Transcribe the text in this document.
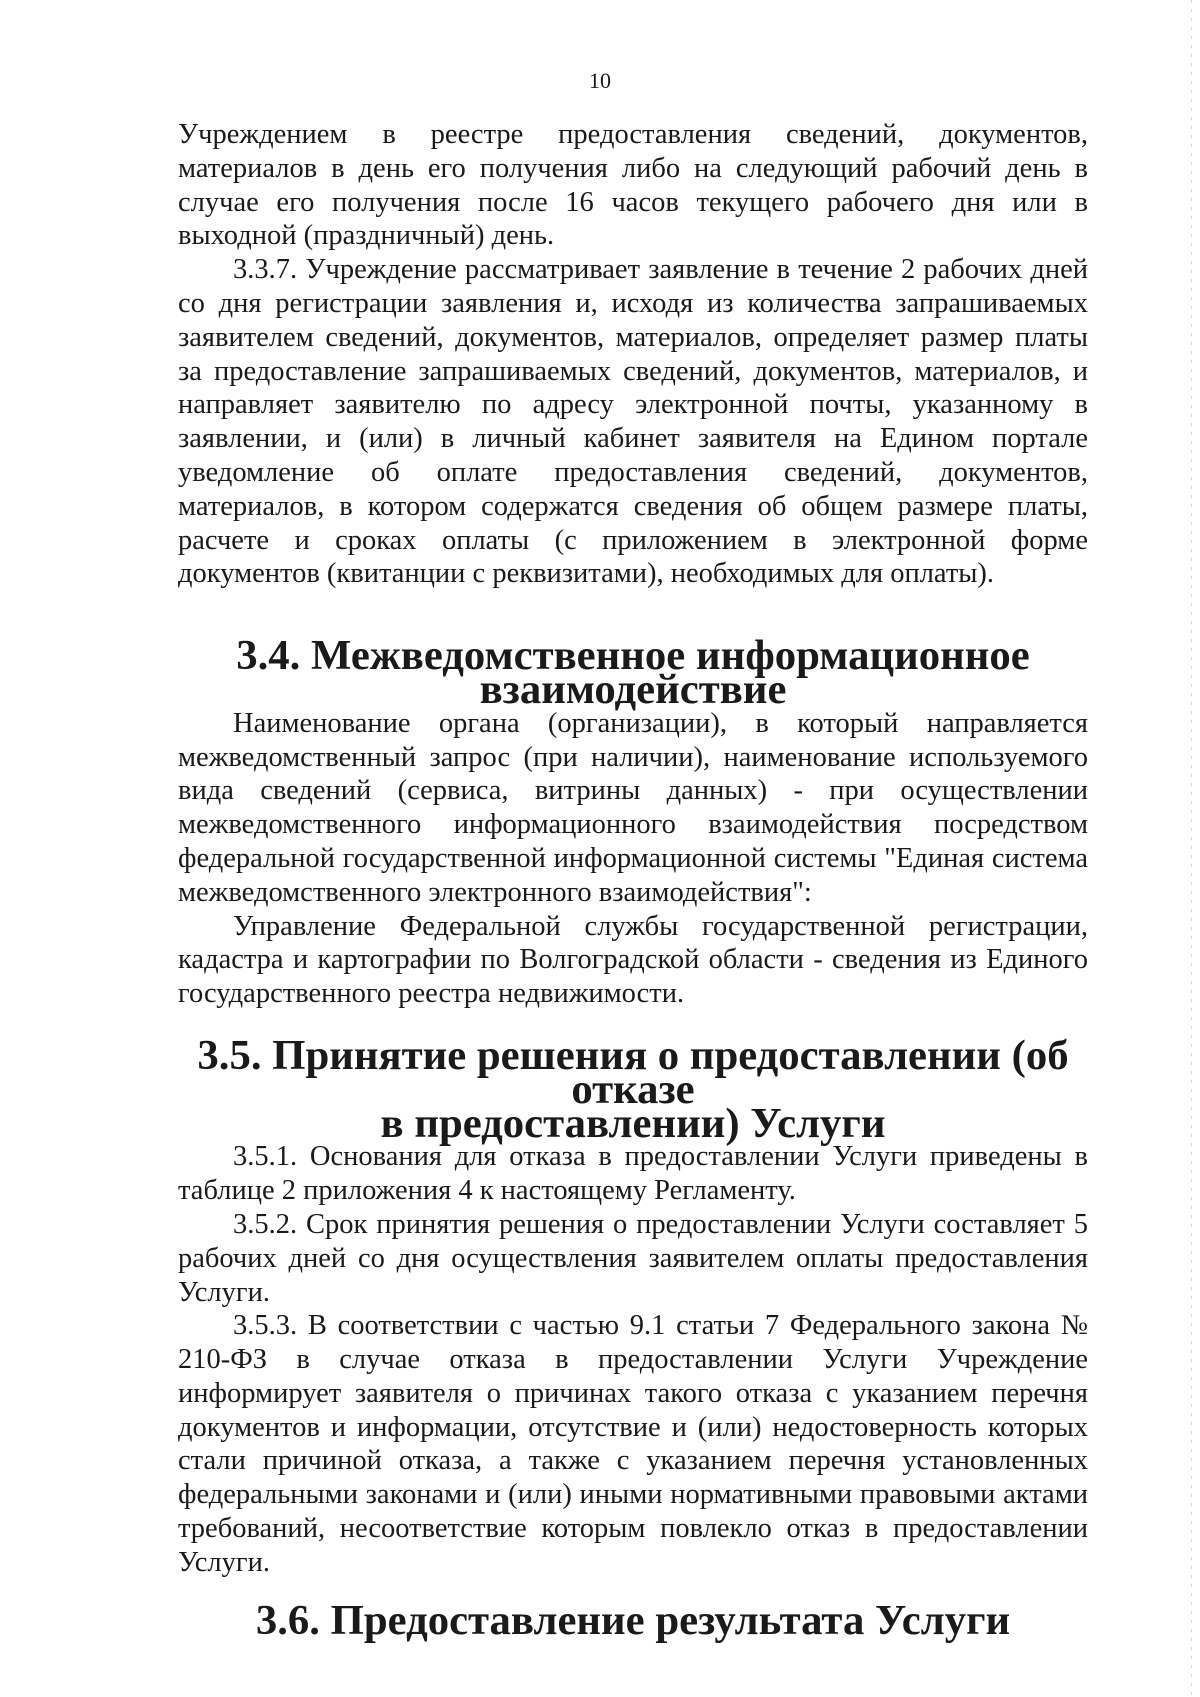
10

Учреждением в реестре предоставления сведений, документов, материалов в день его получения либо на следующий рабочий день в случае его получения после 16 часов текущего рабочего дня или в выходной (праздничный) день.

3.3.7. Учреждение рассматривает заявление в течение 2 рабочих дней со дня регистрации заявления и, исходя из количества запрашиваемых заявителем сведений, документов, материалов, определяет размер платы за предоставление запрашиваемых сведений, документов, материалов, и направляет заявителю по адресу электронной почты, указанному в заявлении, и (или) в личный кабинет заявителя на Едином портале уведомление об оплате предоставления сведений, документов, материалов, в котором содержатся сведения об общем размере платы, расчете и сроках оплаты (с приложением в электронной форме документов (квитанции с реквизитами), необходимых для оплаты).

3.4. Межведомственное информационное взаимодействие

Наименование органа (организации), в который направляется межведомственный запрос (при наличии), наименование используемого вида сведений (сервиса, витрины данных) - при осуществлении межведомственного информационного взаимодействия посредством федеральной государственной информационной системы "Единая система межведомственного электронного взаимодействия":

Управление Федеральной службы государственной регистрации, кадастра и картографии по Волгоградской области - сведения из Единого государственного реестра недвижимости.

3.5. Принятие решения о предоставлении (об отказе
в предоставлении) Услуги

3.5.1. Основания для отказа в предоставлении Услуги приведены в таблице 2 приложения 4 к настоящему Регламенту.

3.5.2. Срок принятия решения о предоставлении Услуги составляет 5 рабочих дней со дня осуществления заявителем оплаты предоставления Услуги.

3.5.3. В соответствии с частью 9.1 статьи 7 Федерального закона № 210-ФЗ в случае отказа в предоставлении Услуги Учреждение информирует заявителя о причинах такого отказа с указанием перечня документов и информации, отсутствие и (или) недостоверность которых стали причиной отказа, а также с указанием перечня установленных федеральными законами и (или) иными нормативными правовыми актами требований, несоответствие которым повлекло отказ в предоставлении Услуги.

3.6. Предоставление результата Услуги
